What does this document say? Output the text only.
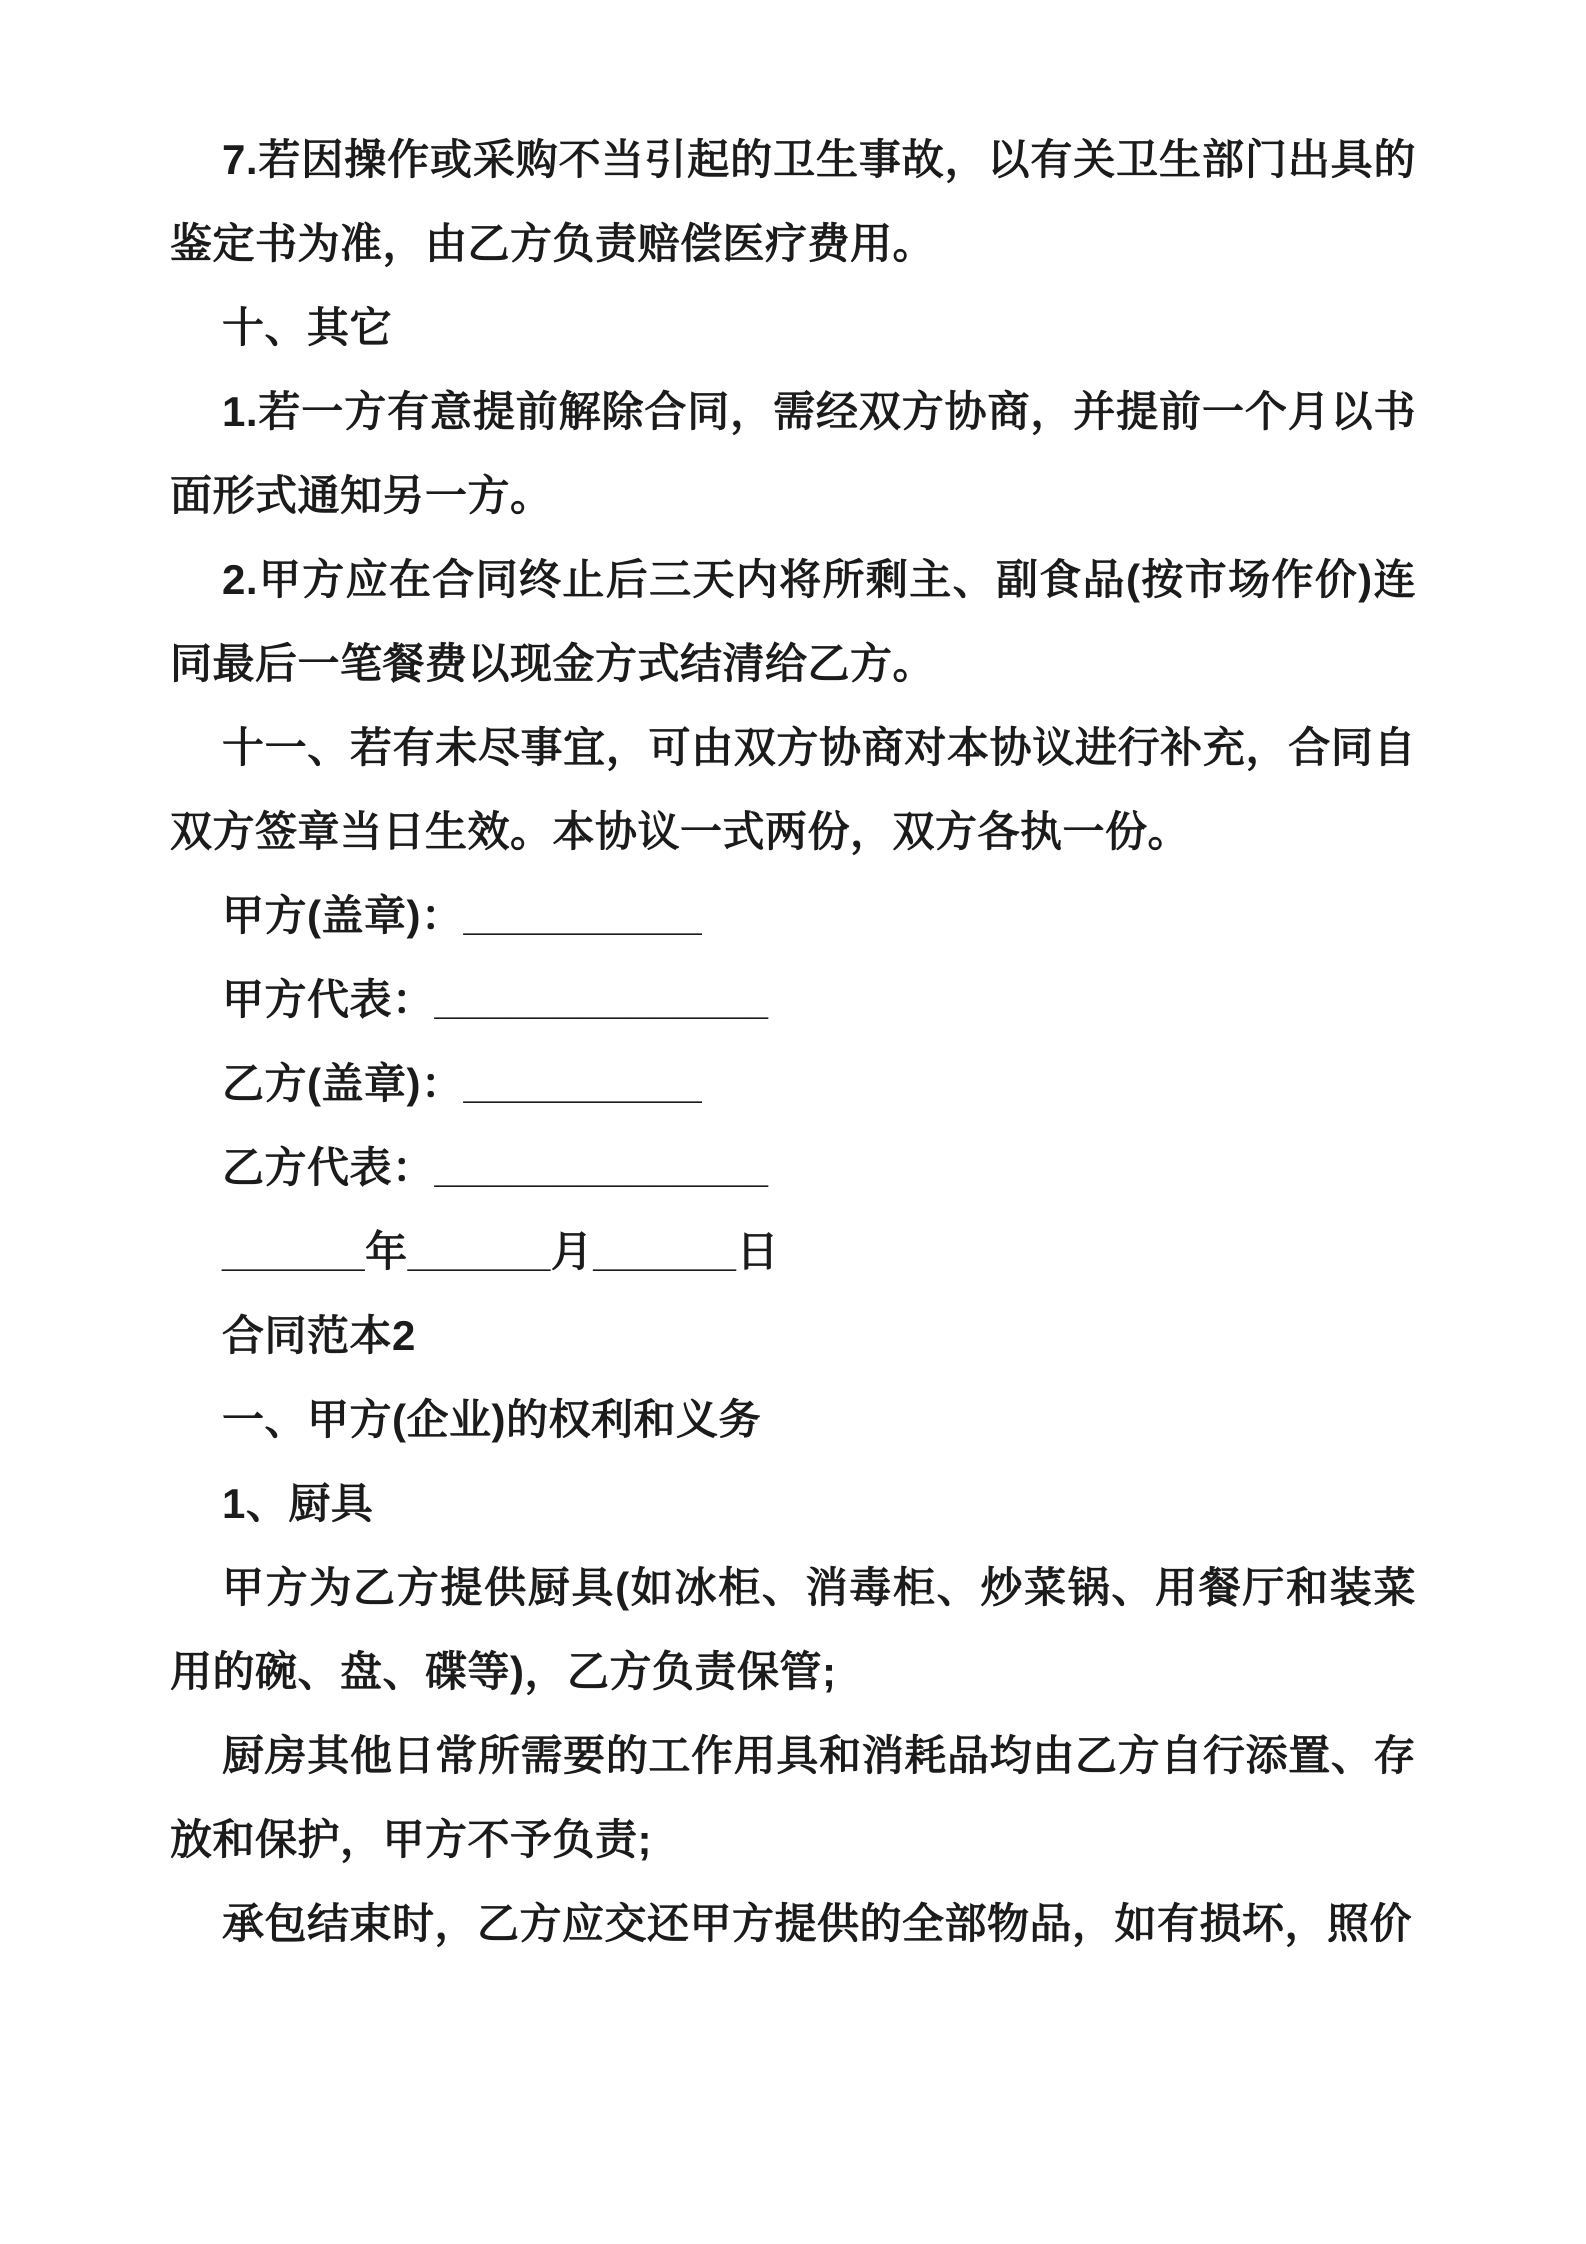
7.若因操作或采购不当引起的卫生事故，以有关卫生部门出具的鉴定书为准，由乙方负责赔偿医疗费用。

十、其它

1.若一方有意提前解除合同，需经双方协商，并提前一个月以书面形式通知另一方。

2.甲方应在合同终止后三天内将所剩主、副食品(按市场作价)连同最后一笔餐费以现金方式结清给乙方。

十一、若有未尽事宜，可由双方协商对本协议进行补充，合同自双方签章当日生效。本协议一式两份，双方各执一份。

甲方(盖章)：__________

甲方代表：______________

乙方(盖章)：__________

乙方代表：______________

______年______月______日

合同范本2

一、甲方(企业)的权利和义务

1、厨具

甲方为乙方提供厨具(如冰柜、消毒柜、炒菜锅、用餐厅和装菜用的碗、盘、碟等)，乙方负责保管;

厨房其他日常所需要的工作用具和消耗品均由乙方自行添置、存放和保护，甲方不予负责;

承包结束时，乙方应交还甲方提供的全部物品，如有损坏，照价
